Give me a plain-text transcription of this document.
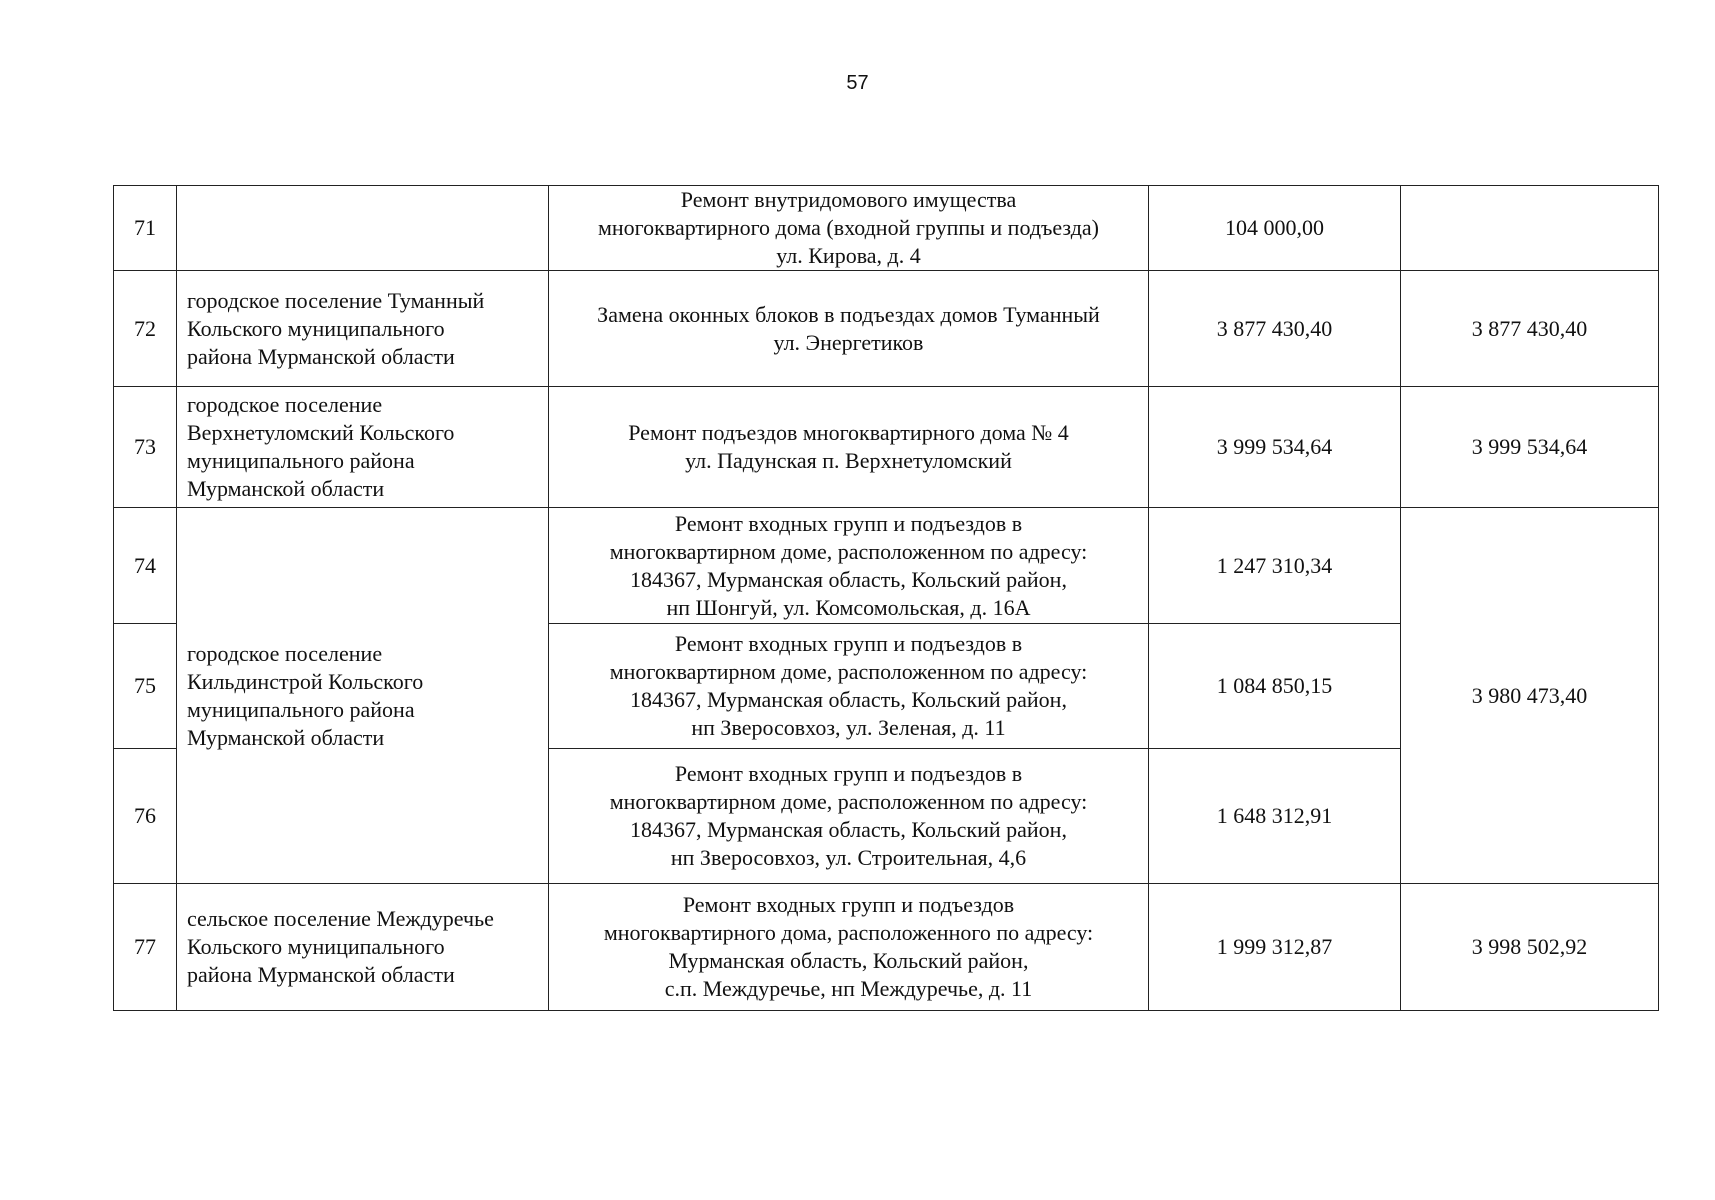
57
71		Ремонт внутридомового имущества
многоквартирного дома (входной группы и подъезда)
ул. Кирова, д. 4	104 000,00	
72	городское поселение Туманный
Кольского муниципального
района Мурманской области	Замена оконных блоков в подъездах домов Туманный
ул. Энергетиков	3 877 430,40	3 877 430,40
73	городское поселение
Верхнетуломский Кольского
муниципального района
Мурманской области	Ремонт подъездов многоквартирного дома № 4
ул. Падунская п. Верхнетуломский	3 999 534,64	3 999 534,64
74	городское поселение
Кильдинстрой Кольского
муниципального района
Мурманской области	Ремонт входных групп и подъездов в
многоквартирном доме, расположенном по адресу:
184367, Мурманская область, Кольский район,
нп Шонгуй, ул. Комсомольская, д. 16А	1 247 310,34	3 980 473,40
75		Ремонт входных групп и подъездов в
многоквартирном доме, расположенном по адресу:
184367, Мурманская область, Кольский район,
нп Зверосовхоз, ул. Зеленая, д. 11	1 084 850,15	
76		Ремонт входных групп и подъездов в
многоквартирном доме, расположенном по адресу:
184367, Мурманская область, Кольский район,
нп Зверосовхоз, ул. Строительная, 4,6	1 648 312,91	
77	сельское поселение Междуречье
Кольского муниципального
района Мурманской области	Ремонт входных групп и подъездов
многоквартирного дома, расположенного по адресу:
Мурманская область, Кольский район,
с.п. Междуречье, нп Междуречье, д. 11	1 999 312,87	3 998 502,92
